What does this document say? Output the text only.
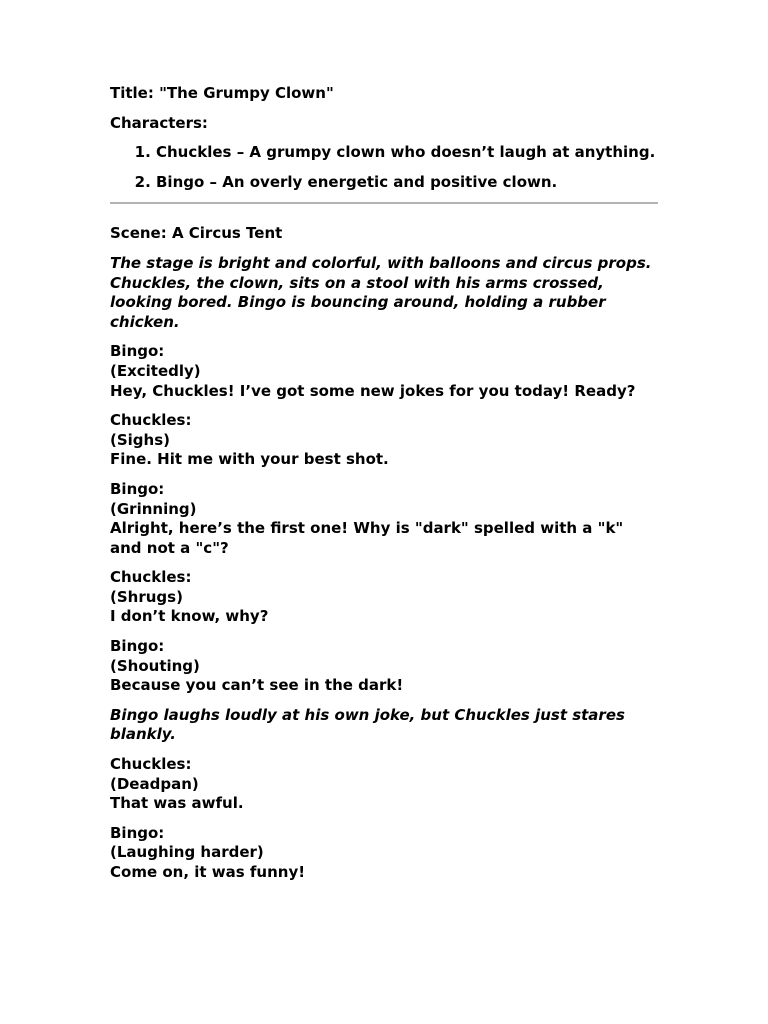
Title: "The Grumpy Clown"

Characters:

1. Chuckles – A grumpy clown who doesn’t laugh at anything.
2. Bingo – An overly energetic and positive clown.

Scene: A Circus Tent

The stage is bright and colorful, with balloons and circus props. Chuckles, the clown, sits on a stool with his arms crossed, looking bored. Bingo is bouncing around, holding a rubber chicken.

Bingo:
(Excitedly)
Hey, Chuckles! I’ve got some new jokes for you today! Ready?

Chuckles:
(Sighs)
Fine. Hit me with your best shot.

Bingo:
(Grinning)
Alright, here’s the first one! Why is "dark" spelled with a "k" and not a "c"?

Chuckles:
(Shrugs)
I don’t know, why?

Bingo:
(Shouting)
Because you can’t see in the dark!

Bingo laughs loudly at his own joke, but Chuckles just stares blankly.

Chuckles:
(Deadpan)
That was awful.

Bingo:
(Laughing harder)
Come on, it was funny!
